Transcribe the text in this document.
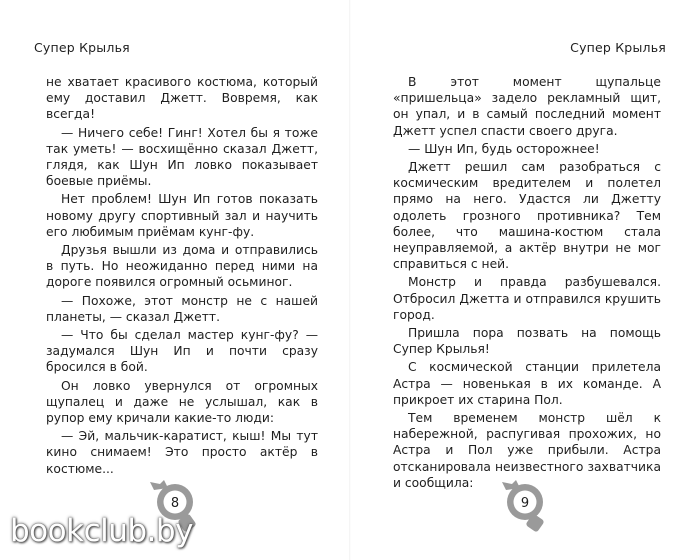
Супер Крылья

не хватает красивого костюма, который ему доставил Джетт. Вовремя, как всегда!

— Ничего себе! Гинг! Хотел бы я тоже так уметь! — восхищённо сказал Джетт, глядя, как Шун Ип ловко показывает боевые приёмы.

Нет проблем! Шун Ип готов показать новому другу спортивный зал и научить его любимым приёмам кунг-фу.

Друзья вышли из дома и отправились в путь. Но неожиданно перед ними на дороге появился огромный осьминог.

— Похоже, этот монстр не с нашей планеты, — сказал Джетт.

— Что бы сделал мастер кунг-фу? — задумался Шун Ип и почти сразу бросился в бой.

Он ловко увернулся от огромных щупалец и даже не услышал, как в рупор ему кричали какие-то люди:

— Эй, мальчик-каратист, кыш! Мы тут кино снимаем! Это просто актёр в костюме...

8
Супер Крылья

В этот момент щупальце «пришельца» задело рекламный щит, он упал, и в самый последний момент Джетт успел спасти своего друга.

— Шун Ип, будь осторожнее!

Джетт решил сам разобраться с космическим вредителем и полетел прямо на него. Удастся ли Джетту одолеть грозного противника? Тем более, что машина-костюм стала неуправляемой, а актёр внутри не мог справиться с ней.

Монстр и правда разбушевался. Отбросил Джетта и отправился крушить город.

Пришла пора позвать на помощь Супер Крылья!

С космической станции прилетела Астра — новенькая в их команде. А прикроет их старина Пол.

Тем временем монстр шёл к набережной, распугивая прохожих, но Астра и Пол уже прибыли. Астра отсканировала неизвестного захватчика и сообщила:

9
bookclub.by
